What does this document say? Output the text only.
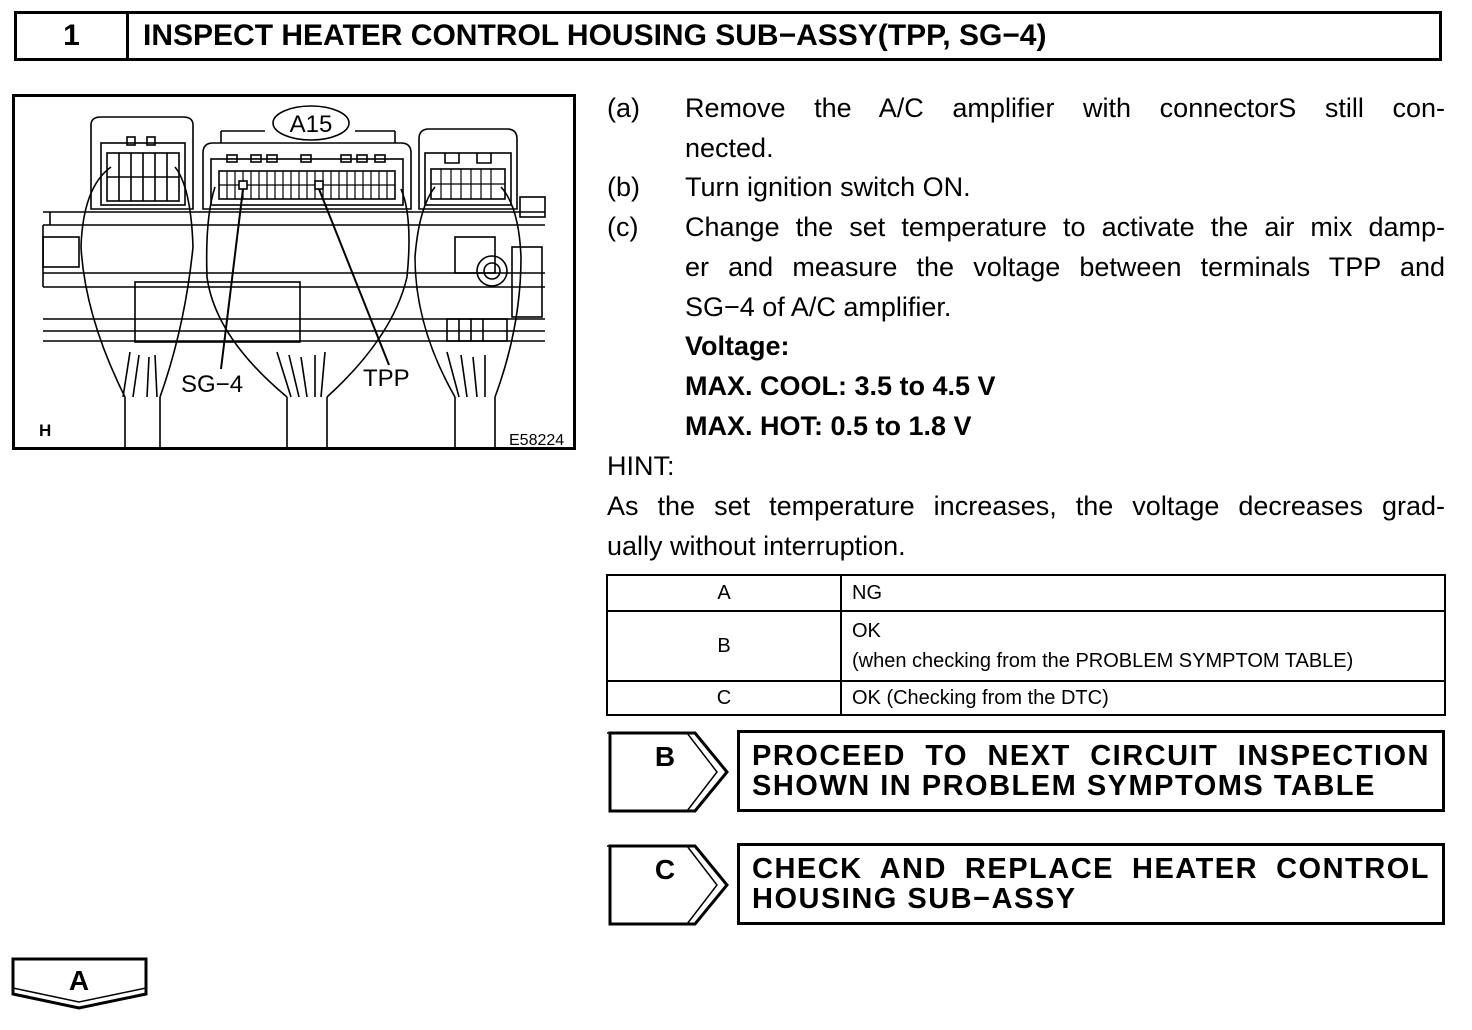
1	INSPECT HEATER CONTROL HOUSING SUB−ASSY(TPP, SG−4)
A15
SG−4	TPP
H
E58224
(a)	Remove the A/C amplifier with connectorS still con-
nected.
(b)	Turn ignition switch ON.
(c)	Change the set temperature to activate the air mix damp-
er and measure the voltage between terminals TPP and
SG−4 of A/C amplifier.
Voltage:
MAX. COOL: 3.5 to 4.5 V
MAX. HOT: 0.5 to 1.8 V
HINT:
As the set temperature increases, the voltage decreases grad-
ually without interruption.
A	NG
B	OK
(when checking from the PROBLEM SYMPTOM TABLE)

C	OK (Checking from the DTC)
B	PROCEED TO NEXT CIRCUIT INSPECTION
SHOWN IN PROBLEM SYMPTOMS TABLE
C	CHECK AND REPLACE HEATER CONTROL
HOUSING SUB−ASSY
A
